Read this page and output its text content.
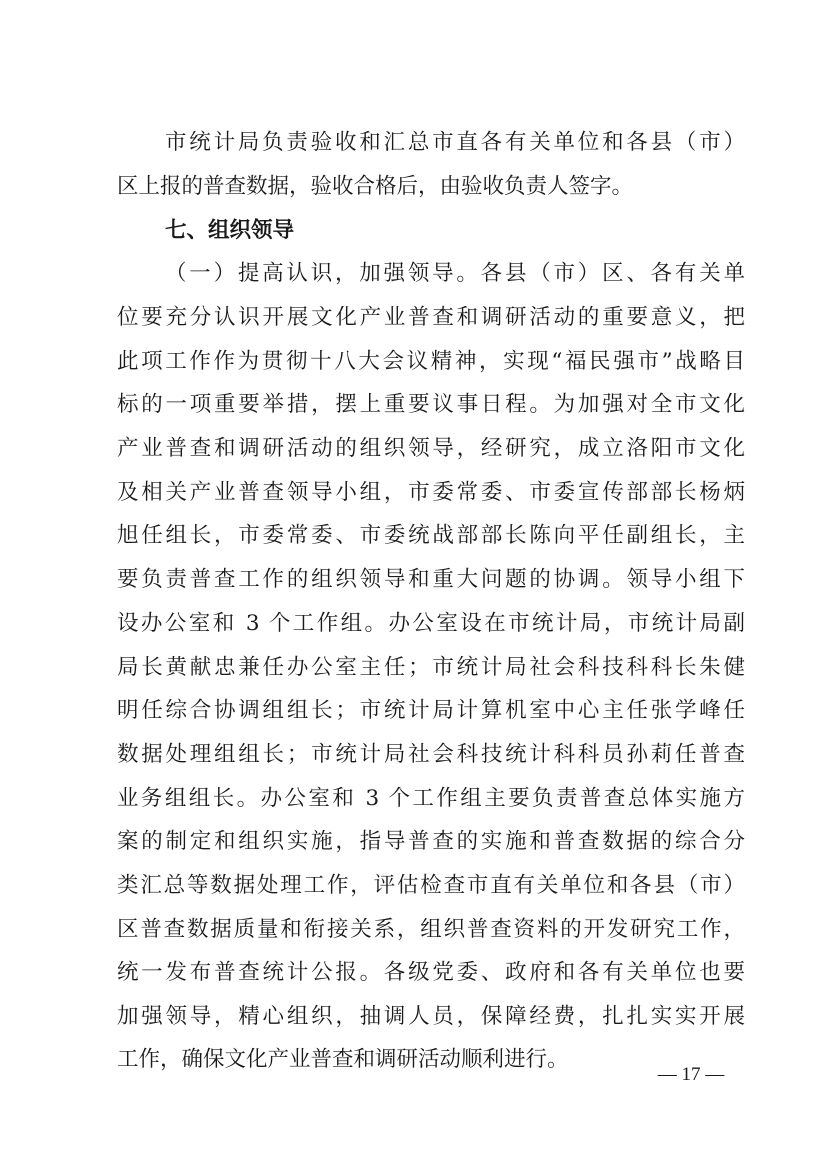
市统计局负责验收和汇总市直各有关单位和各县（市）
区上报的普查数据，验收合格后，由验收负责人签字。
七、组织领导
（一）提高认识，加强领导。各县（市）区、各有关单
位要充分认识开展文化产业普查和调研活动的重要意义，把
此项工作作为贯彻十八大会议精神，实现“福民强市”战略目
标的一项重要举措，摆上重要议事日程。为加强对全市文化
产业普查和调研活动的组织领导，经研究，成立洛阳市文化
及相关产业普查领导小组，市委常委、市委宣传部部长杨炳
旭任组长，市委常委、市委统战部部长陈向平任副组长，主
要负责普查工作的组织领导和重大问题的协调。领导小组下
设办公室和 3 个工作组。办公室设在市统计局，市统计局副
局长黄献忠兼任办公室主任；市统计局社会科技科科长朱健
明任综合协调组组长；市统计局计算机室中心主任张学峰任
数据处理组组长；市统计局社会科技统计科科员孙莉任普查
业务组组长。办公室和 3 个工作组主要负责普查总体实施方
案的制定和组织实施，指导普查的实施和普查数据的综合分
类汇总等数据处理工作，评估检查市直有关单位和各县（市）
区普查数据质量和衔接关系，组织普查资料的开发研究工作，
统一发布普查统计公报。各级党委、政府和各有关单位也要
加强领导，精心组织，抽调人员，保障经费，扎扎实实开展
工作，确保文化产业普查和调研活动顺利进行。
— 17 —
